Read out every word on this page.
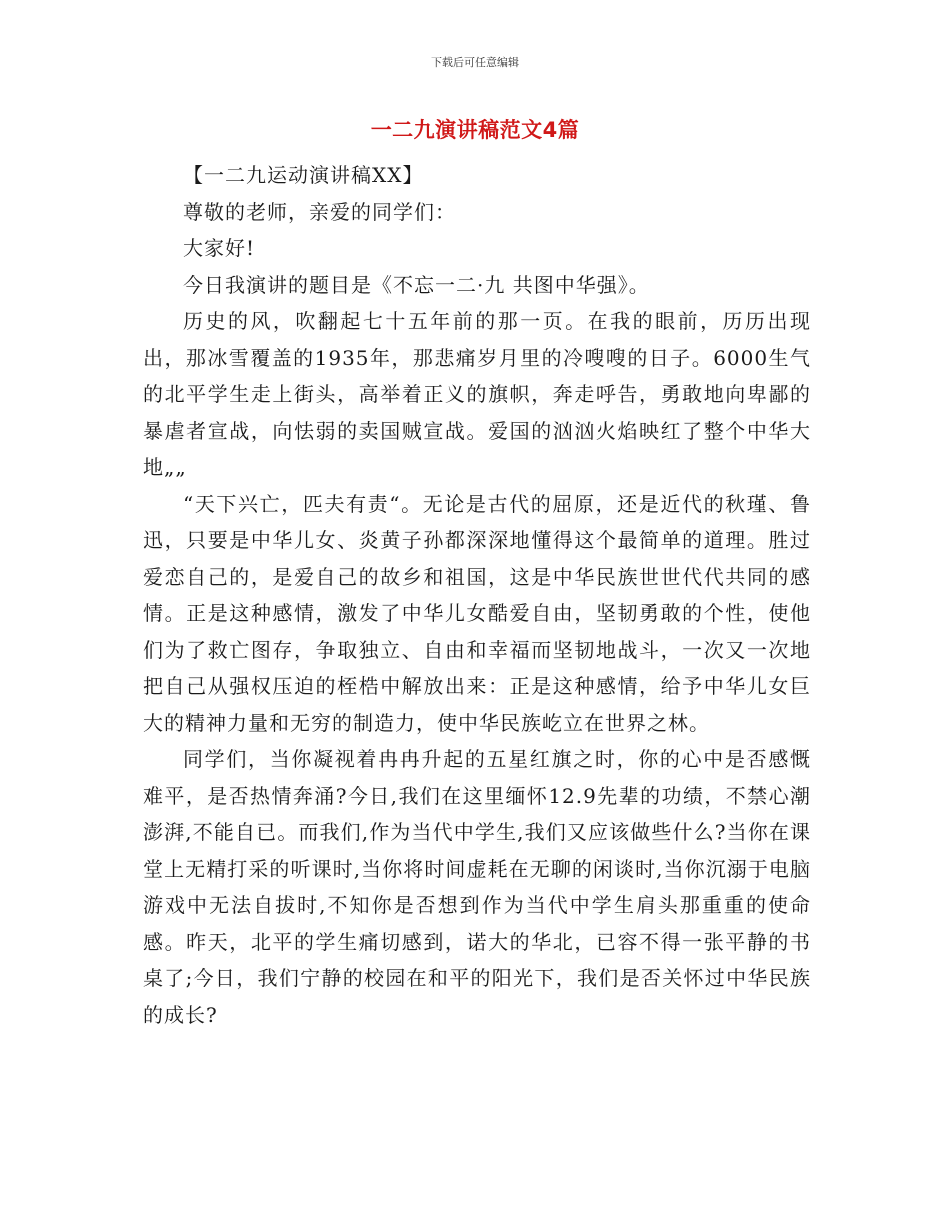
下载后可任意编辑
一二九演讲稿范文4篇

【一二九运动演讲稿XX】

尊敬的老师，亲爱的同学们：

大家好!

今日我演讲的题目是《不忘一二·九 共图中华强》。

历史的风，吹翻起七十五年前的那一页。在我的眼前，历历出现出，那冰雪覆盖的1935年，那悲痛岁月里的冷嗖嗖的日子。6000生气的北平学生走上街头，高举着正义的旗帜，奔走呼告，勇敢地向卑鄙的暴虐者宣战，向怯弱的卖国贼宣战。爱国的汹汹火焰映红了整个中华大地„„

“天下兴亡，匹夫有责“。无论是古代的屈原，还是近代的秋瑾、鲁迅，只要是中华儿女、炎黄子孙都深深地懂得这个最简单的道理。胜过爱恋自己的，是爱自己的故乡和祖国，这是中华民族世世代代共同的感情。正是这种感情，激发了中华儿女酷爱自由，坚韧勇敢的个性，使他们为了救亡图存，争取独立、自由和幸福而坚韧地战斗，一次又一次地把自己从强权压迫的桎梏中解放出来：正是这种感情，给予中华儿女巨大的精神力量和无穷的制造力，使中华民族屹立在世界之林。

同学们，当你凝视着冉冉升起的五星红旗之时，你的心中是否感慨难平，是否热情奔涌?今日,我们在这里缅怀12.9先辈的功绩，不禁心潮澎湃,不能自已。而我们,作为当代中学生,我们又应该做些什么?当你在课堂上无精打采的听课时,当你将时间虚耗在无聊的闲谈时,当你沉溺于电脑游戏中无法自拔时,不知你是否想到作为当代中学生肩头那重重的使命感。昨天，北平的学生痛切感到，诺大的华北，已容不得一张平静的书桌了;今日，我们宁静的校园在和平的阳光下，我们是否关怀过中华民族的成长?
